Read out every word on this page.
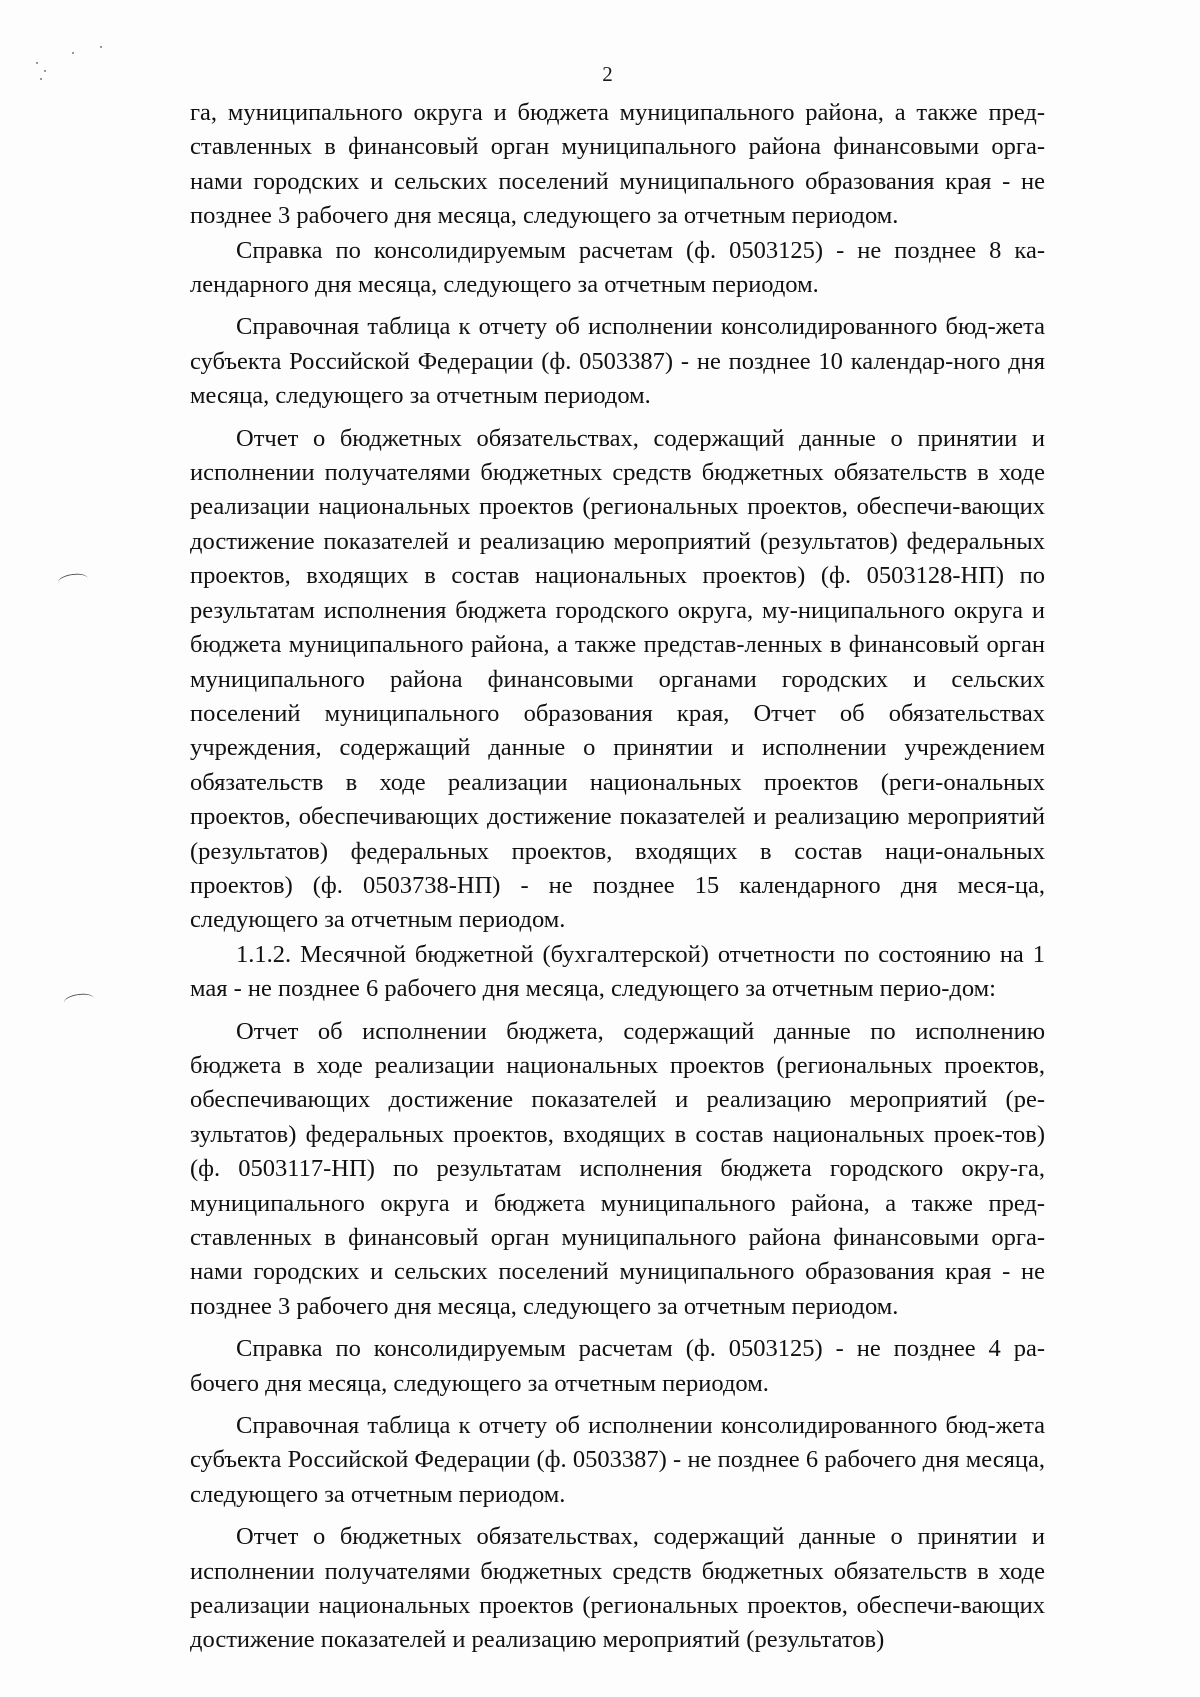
2

га, муниципального округа и бюджета муниципального района, а также пред-ставленных в финансовый орган муниципального района финансовыми орга-нами городских и сельских поселений муниципального образования края - не позднее 3 рабочего дня месяца, следующего за отчетным периодом.

Справка по консолидируемым расчетам (ф. 0503125) - не позднее 8 ка-лендарного дня месяца, следующего за отчетным периодом.

Справочная таблица к отчету об исполнении консолидированного бюд-жета субъекта Российской Федерации (ф. 0503387) - не позднее 10 календар-ного дня месяца, следующего за отчетным периодом.

Отчет о бюджетных обязательствах, содержащий данные о принятии и исполнении получателями бюджетных средств бюджетных обязательств в ходе реализации национальных проектов (региональных проектов, обеспечи-вающих достижение показателей и реализацию мероприятий (результатов) федеральных проектов, входящих в состав национальных проектов) (ф. 0503128-НП) по результатам исполнения бюджета городского округа, му-ниципального округа и бюджета муниципального района, а также представ-ленных в финансовый орган муниципального района финансовыми органами городских и сельских поселений муниципального образования края, Отчет об обязательствах учреждения, содержащий данные о принятии и исполнении учреждением обязательств в ходе реализации национальных проектов (реги-ональных проектов, обеспечивающих достижение показателей и реализацию мероприятий (результатов) федеральных проектов, входящих в состав наци-ональных проектов) (ф. 0503738-НП) - не позднее 15 календарного дня меся-ца, следующего за отчетным периодом.

1.1.2. Месячной бюджетной (бухгалтерской) отчетности по состоянию на 1 мая - не позднее 6 рабочего дня месяца, следующего за отчетным перио-дом:

Отчет об исполнении бюджета, содержащий данные по исполнению бюджета в ходе реализации национальных проектов (региональных проектов, обеспечивающих достижение показателей и реализацию мероприятий (ре-зультатов) федеральных проектов, входящих в состав национальных проек-тов) (ф. 0503117-НП) по результатам исполнения бюджета городского окру-га, муниципального округа и бюджета муниципального района, а также пред-ставленных в финансовый орган муниципального района финансовыми орга-нами городских и сельских поселений муниципального образования края - не позднее 3 рабочего дня месяца, следующего за отчетным периодом.

Справка по консолидируемым расчетам (ф. 0503125) - не позднее 4 ра-бочего дня месяца, следующего за отчетным периодом.

Справочная таблица к отчету об исполнении консолидированного бюд-жета субъекта Российской Федерации (ф. 0503387) - не позднее 6 рабочего дня месяца, следующего за отчетным периодом.

Отчет о бюджетных обязательствах, содержащий данные о принятии и исполнении получателями бюджетных средств бюджетных обязательств в ходе реализации национальных проектов (региональных проектов, обеспечи-вающих достижение показателей и реализацию мероприятий (результатов)
